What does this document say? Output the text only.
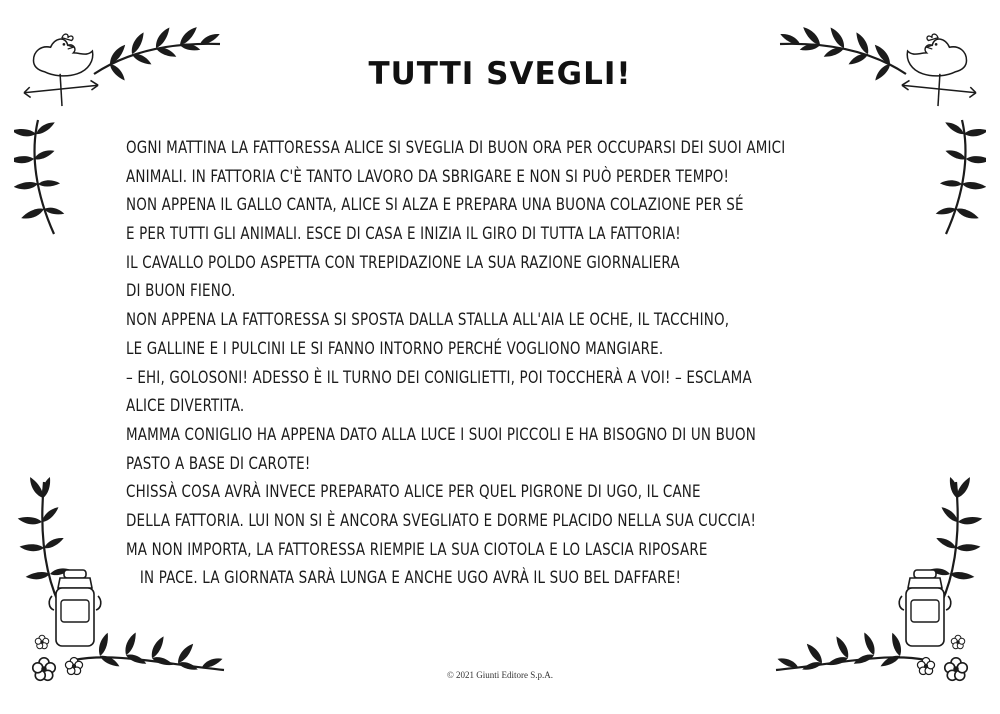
TUTTI SVEGLI!
OGNI MATTINA LA FATTORESSA ALICE SI SVEGLIA DI BUON ORA PER OCCUPARSI DEI SUOI AMICI
ANIMALI. IN FATTORIA C'È TANTO LAVORO DA SBRIGARE E NON SI PUÒ PERDER TEMPO!
NON APPENA IL GALLO CANTA, ALICE SI ALZA E PREPARA UNA BUONA COLAZIONE PER SÉ
E PER TUTTI GLI ANIMALI. ESCE DI CASA E INIZIA IL GIRO DI TUTTA LA FATTORIA!
IL CAVALLO POLDO ASPETTA CON TREPIDAZIONE LA SUA RAZIONE GIORNALIERA
DI BUON FIENO.
NON APPENA LA FATTORESSA SI SPOSTA DALLA STALLA ALL'AIA LE OCHE, IL TACCHINO,
LE GALLINE E I PULCINI LE SI FANNO INTORNO PERCHÉ VOGLIONO MANGIARE.
– EHI, GOLOSONI! ADESSO È IL TURNO DEI CONIGLIETTI, POI TOCCHERÀ A VOI! – ESCLAMA
ALICE DIVERTITA.
MAMMA CONIGLIO HA APPENA DATO ALLA LUCE I SUOI PICCOLI E HA BISOGNO DI UN BUON
PASTO A BASE DI CAROTE!
CHISSÀ COSA AVRÀ INVECE PREPARATO ALICE PER QUEL PIGRONE DI UGO, IL CANE
DELLA FATTORIA. LUI NON SI È ANCORA SVEGLIATO E DORME PLACIDO NELLA SUA CUCCIA!
MA NON IMPORTA, LA FATTORESSA RIEMPIE LA SUA CIOTOLA E LO LASCIA RIPOSARE
IN PACE. LA GIORNATA SARÀ LUNGA E ANCHE UGO AVRÀ IL SUO BEL DAFFARE!
© 2021 Giunti Editore S.p.A.
